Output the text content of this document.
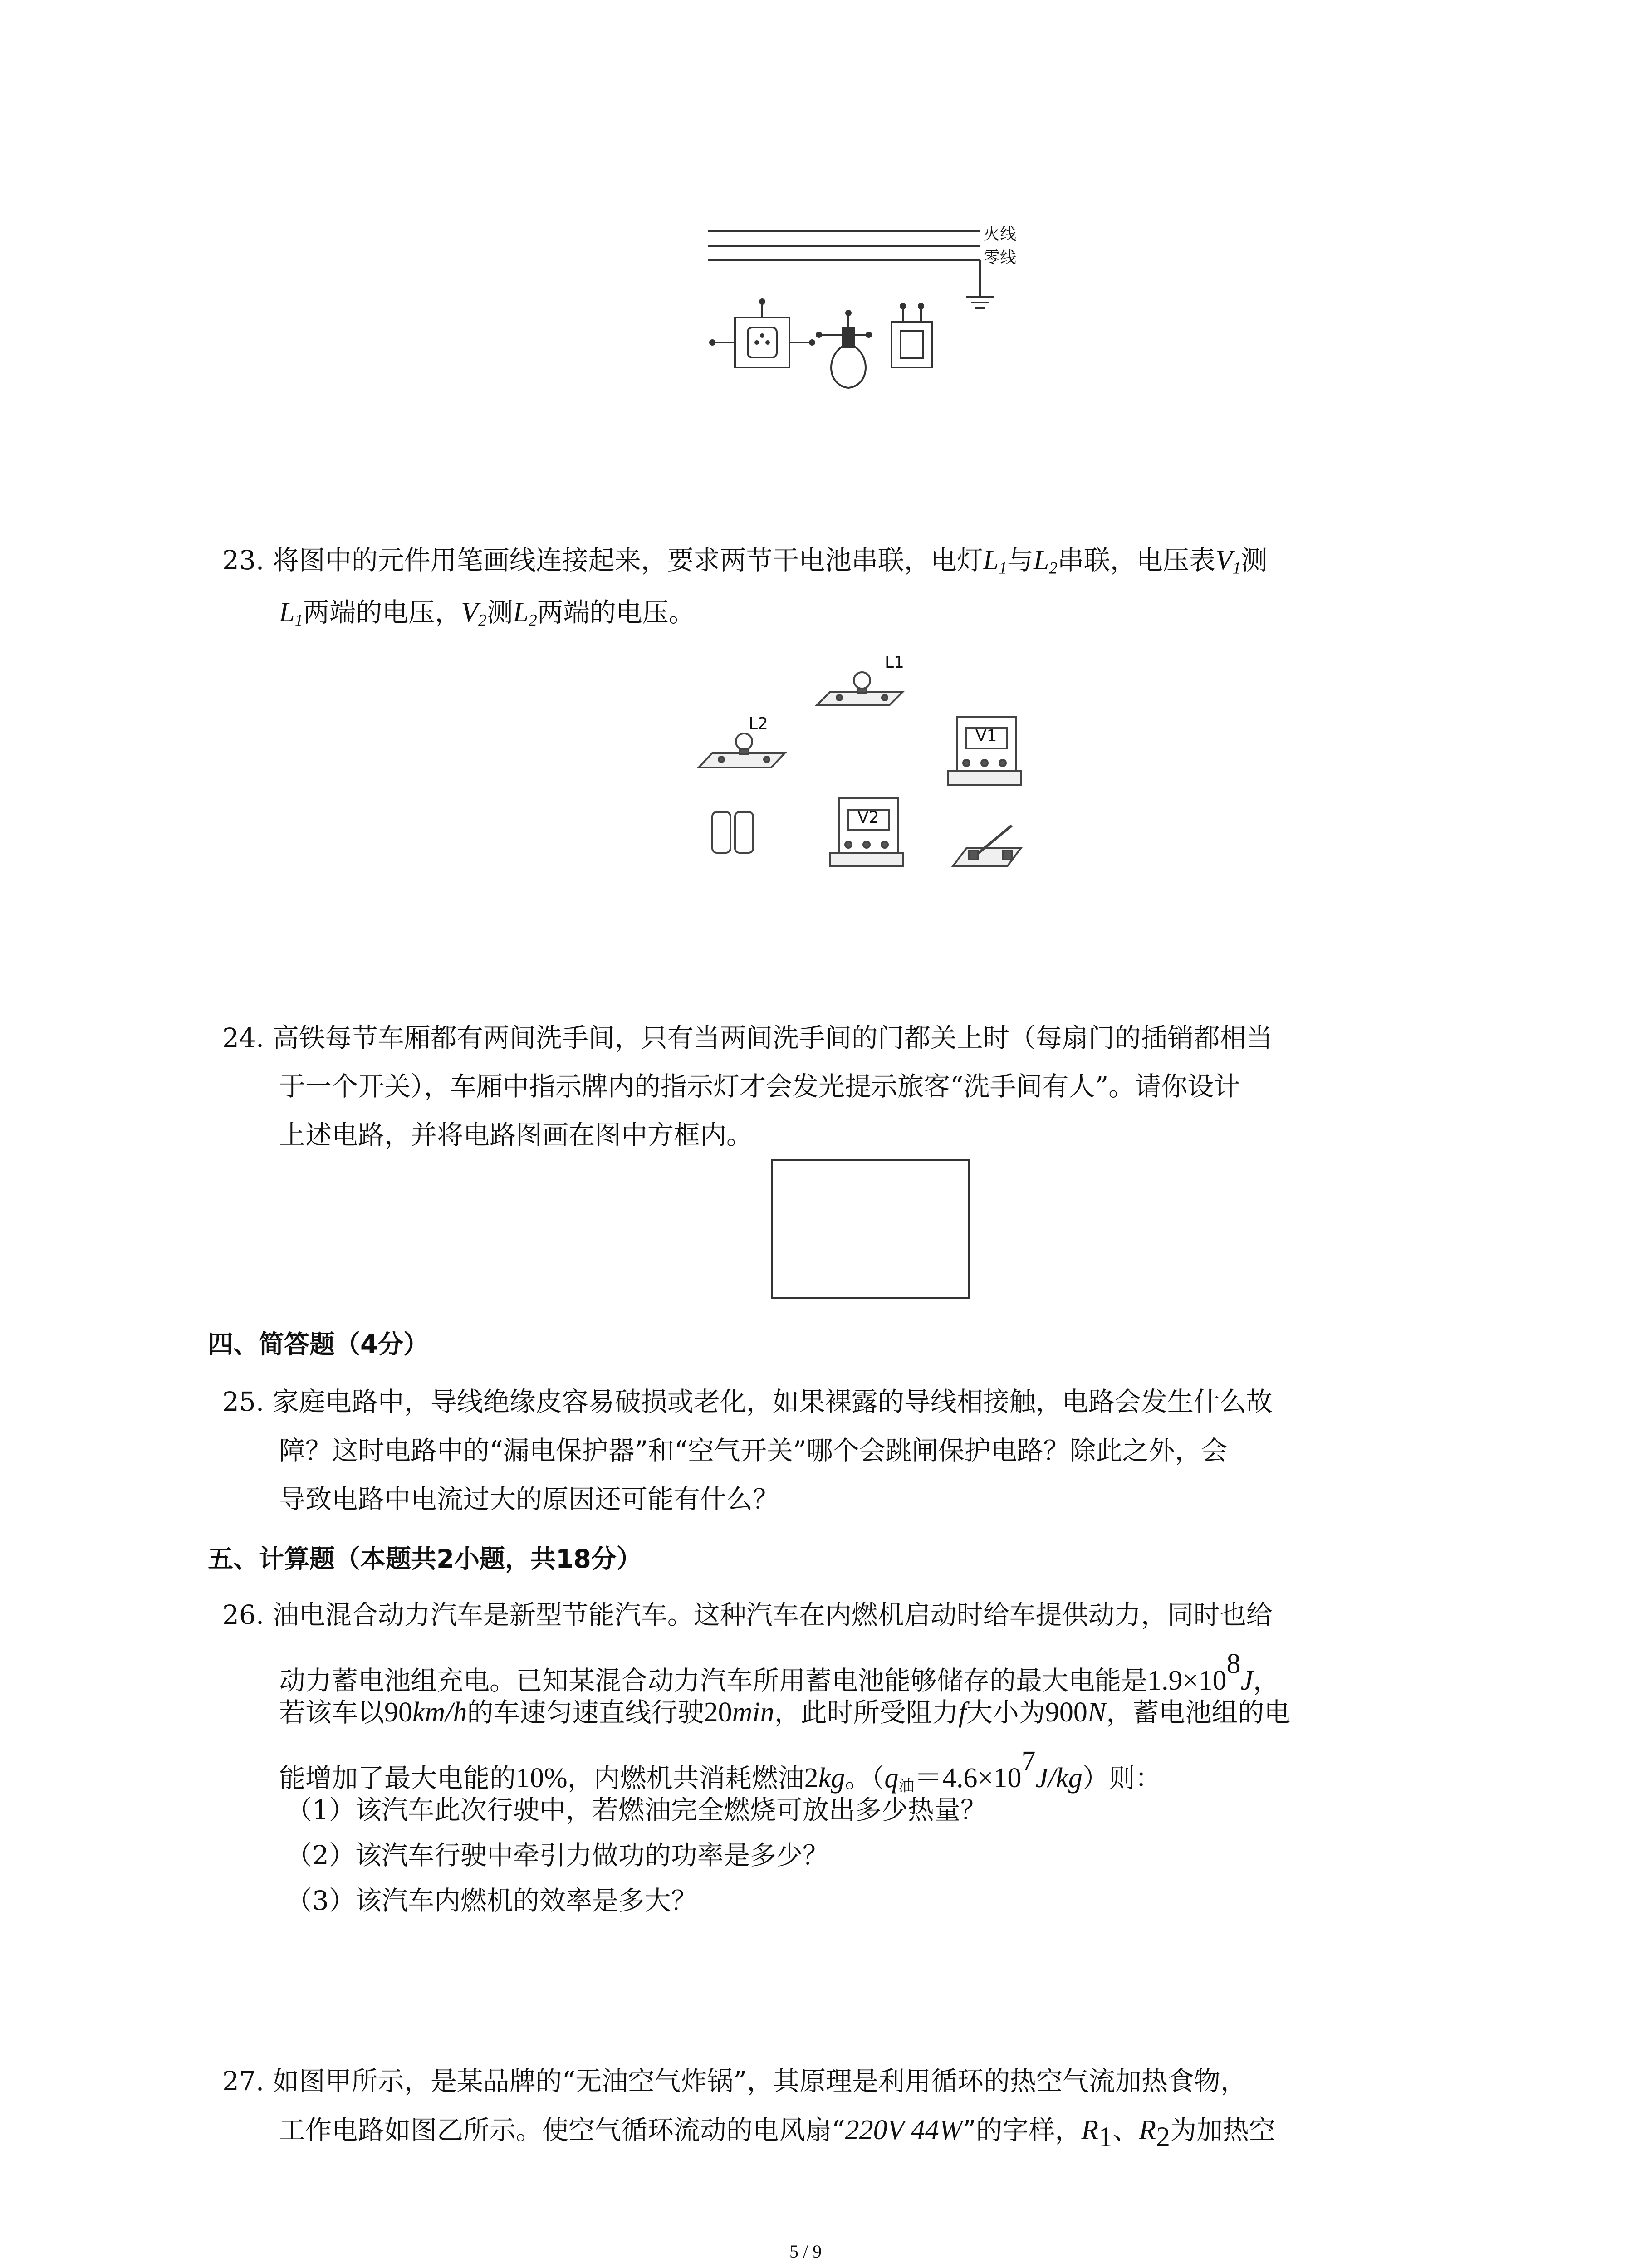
火线
零线
23. 将图中的元件用笔画线连接起来，要求两节干电池串联，电灯$L_1$与$L_2$串联，电压表$V_1$测
$L_1$两端的电压，$V_2$测$L_2$两端的电压。
L1
L2
V1
V2
24. 高铁每节车厢都有两间洗手间，只有当两间洗手间的门都关上时（每扇门的插销都相当
于一个开关），车厢中指示牌内的指示灯才会发光提示旅客“洗手间有人”。请你设计
上述电路，并将电路图画在图中方框内。
四、简答题（4分）
25. 家庭电路中，导线绝缘皮容易破损或老化，如果裸露的导线相接触，电路会发生什么故
障？这时电路中的“漏电保护器”和“空气开关”哪个会跳闸保护电路？除此之外，会
导致电路中电流过大的原因还可能有什么？
五、计算题（本题共2小题，共18分）
26. 油电混合动力汽车是新型节能汽车。这种汽车在内燃机启动时给车提供动力，同时也给
动力蓄电池组充电。已知某混合动力汽车所用蓄电池能够储存的最大电能是$1.9\times 10^8J$，
若该车以90km/h的车速匀速直线行驶20min，此时所受阻力f大小为900N，蓄电池组的电
能增加了最大电能的10%，内燃机共消耗燃油2kg。$(q_油=4.6\times 10^7J/kg)$则：
（1）该汽车此次行驶中，若燃油完全燃烧可放出多少热量？
（2）该汽车行驶中牵引力做功的功率是多少？
（3）该汽车内燃机的效率是多大？
27. 如图甲所示，是某品牌的“无油空气炸锅”，其原理是利用循环的热空气流加热食物，
工作电路如图乙所示。使空气循环流动的电风扇“220V 44W”的字样，$R_1$、$R_2$为加热空
5 / 9
